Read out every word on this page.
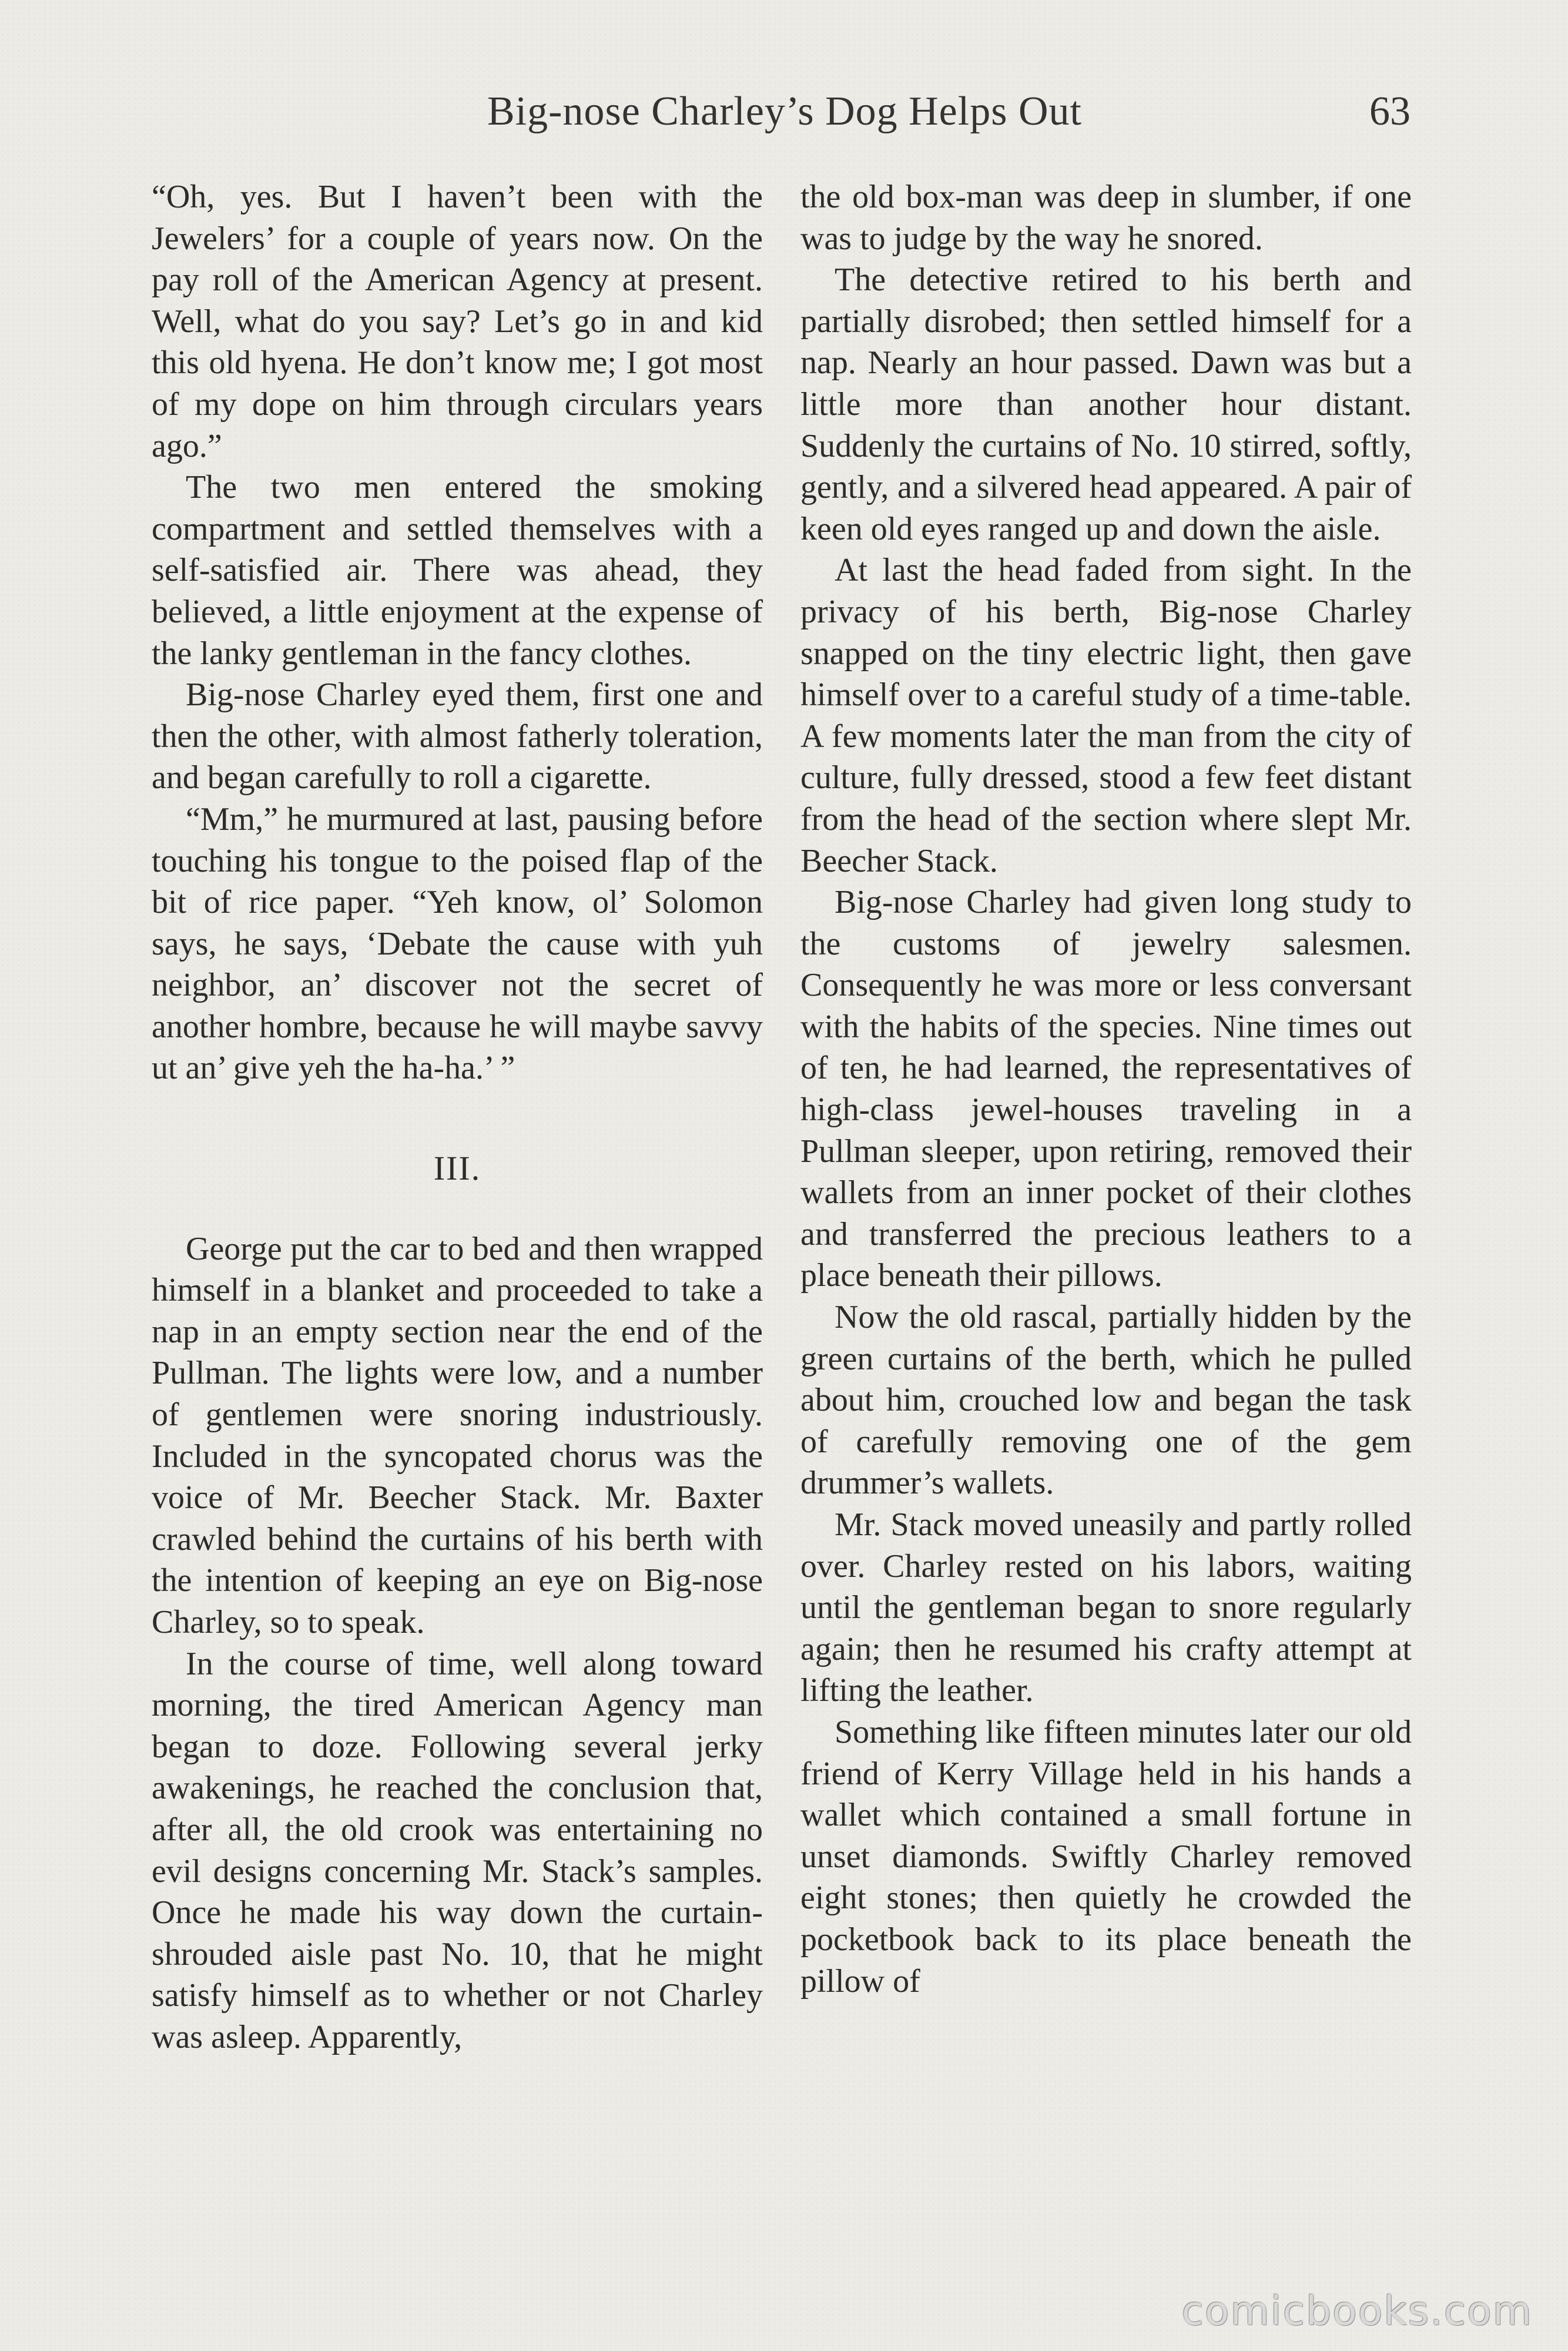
Big-nose Charley’s Dog Helps Out	63

“Oh, yes. But I haven’t been with the Jewelers’ for a couple of years now. On the pay roll of the American Agency at present. Well, what do you say? Let’s go in and kid this old hyena. He don’t know me; I got most of my dope on him through circulars years ago.”

The two men entered the smoking compartment and settled themselves with a self-satisfied air. There was ahead, they believed, a little enjoyment at the expense of the lanky gentleman in the fancy clothes.

Big-nose Charley eyed them, first one and then the other, with almost fatherly toleration, and began carefully to roll a cigarette.

“Mm,” he murmured at last, pausing before touching his tongue to the poised flap of the bit of rice paper. “Yeh know, ol’ Solomon says, he says, ‘Debate the cause with yuh neighbor, an’ discover not the secret of another hombre, because he will maybe savvy ut an’ give yeh the ha-ha.’ ”

III.

George put the car to bed and then wrapped himself in a blanket and proceeded to take a nap in an empty section near the end of the Pullman. The lights were low, and a number of gentlemen were snoring industriously. Included in the syncopated chorus was the voice of Mr. Beecher Stack. Mr. Baxter crawled behind the curtains of his berth with the intention of keeping an eye on Big-nose Charley, so to speak.

In the course of time, well along toward morning, the tired American Agency man began to doze. Following several jerky awakenings, he reached the conclusion that, after all, the old crook was entertaining no evil designs concerning Mr. Stack’s samples. Once he made his way down the curtain-shrouded aisle past No. 10, that he might satisfy himself as to whether or not Charley was asleep. Apparently,

the old box-man was deep in slumber, if one was to judge by the way he snored.

The detective retired to his berth and partially disrobed; then settled himself for a nap. Nearly an hour passed. Dawn was but a little more than another hour distant. Suddenly the curtains of No. 10 stirred, softly, gently, and a silvered head appeared. A pair of keen old eyes ranged up and down the aisle.

At last the head faded from sight. In the privacy of his berth, Big-nose Charley snapped on the tiny electric light, then gave himself over to a careful study of a time-table. A few moments later the man from the city of culture, fully dressed, stood a few feet distant from the head of the section where slept Mr. Beecher Stack.

Big-nose Charley had given long study to the customs of jewelry salesmen. Consequently he was more or less conversant with the habits of the species. Nine times out of ten, he had learned, the representatives of high-class jewel-houses traveling in a Pullman sleeper, upon retiring, removed their wallets from an inner pocket of their clothes and transferred the precious leathers to a place beneath their pillows.

Now the old rascal, partially hidden by the green curtains of the berth, which he pulled about him, crouched low and began the task of carefully removing one of the gem drummer’s wallets.

Mr. Stack moved uneasily and partly rolled over. Charley rested on his labors, waiting until the gentleman began to snore regularly again; then he resumed his crafty attempt at lifting the leather.

Something like fifteen minutes later our old friend of Kerry Village held in his hands a wallet which contained a small fortune in unset diamonds. Swiftly Charley removed eight stones; then quietly he crowded the pocketbook back to its place beneath the pillow of

comicbooks.com
